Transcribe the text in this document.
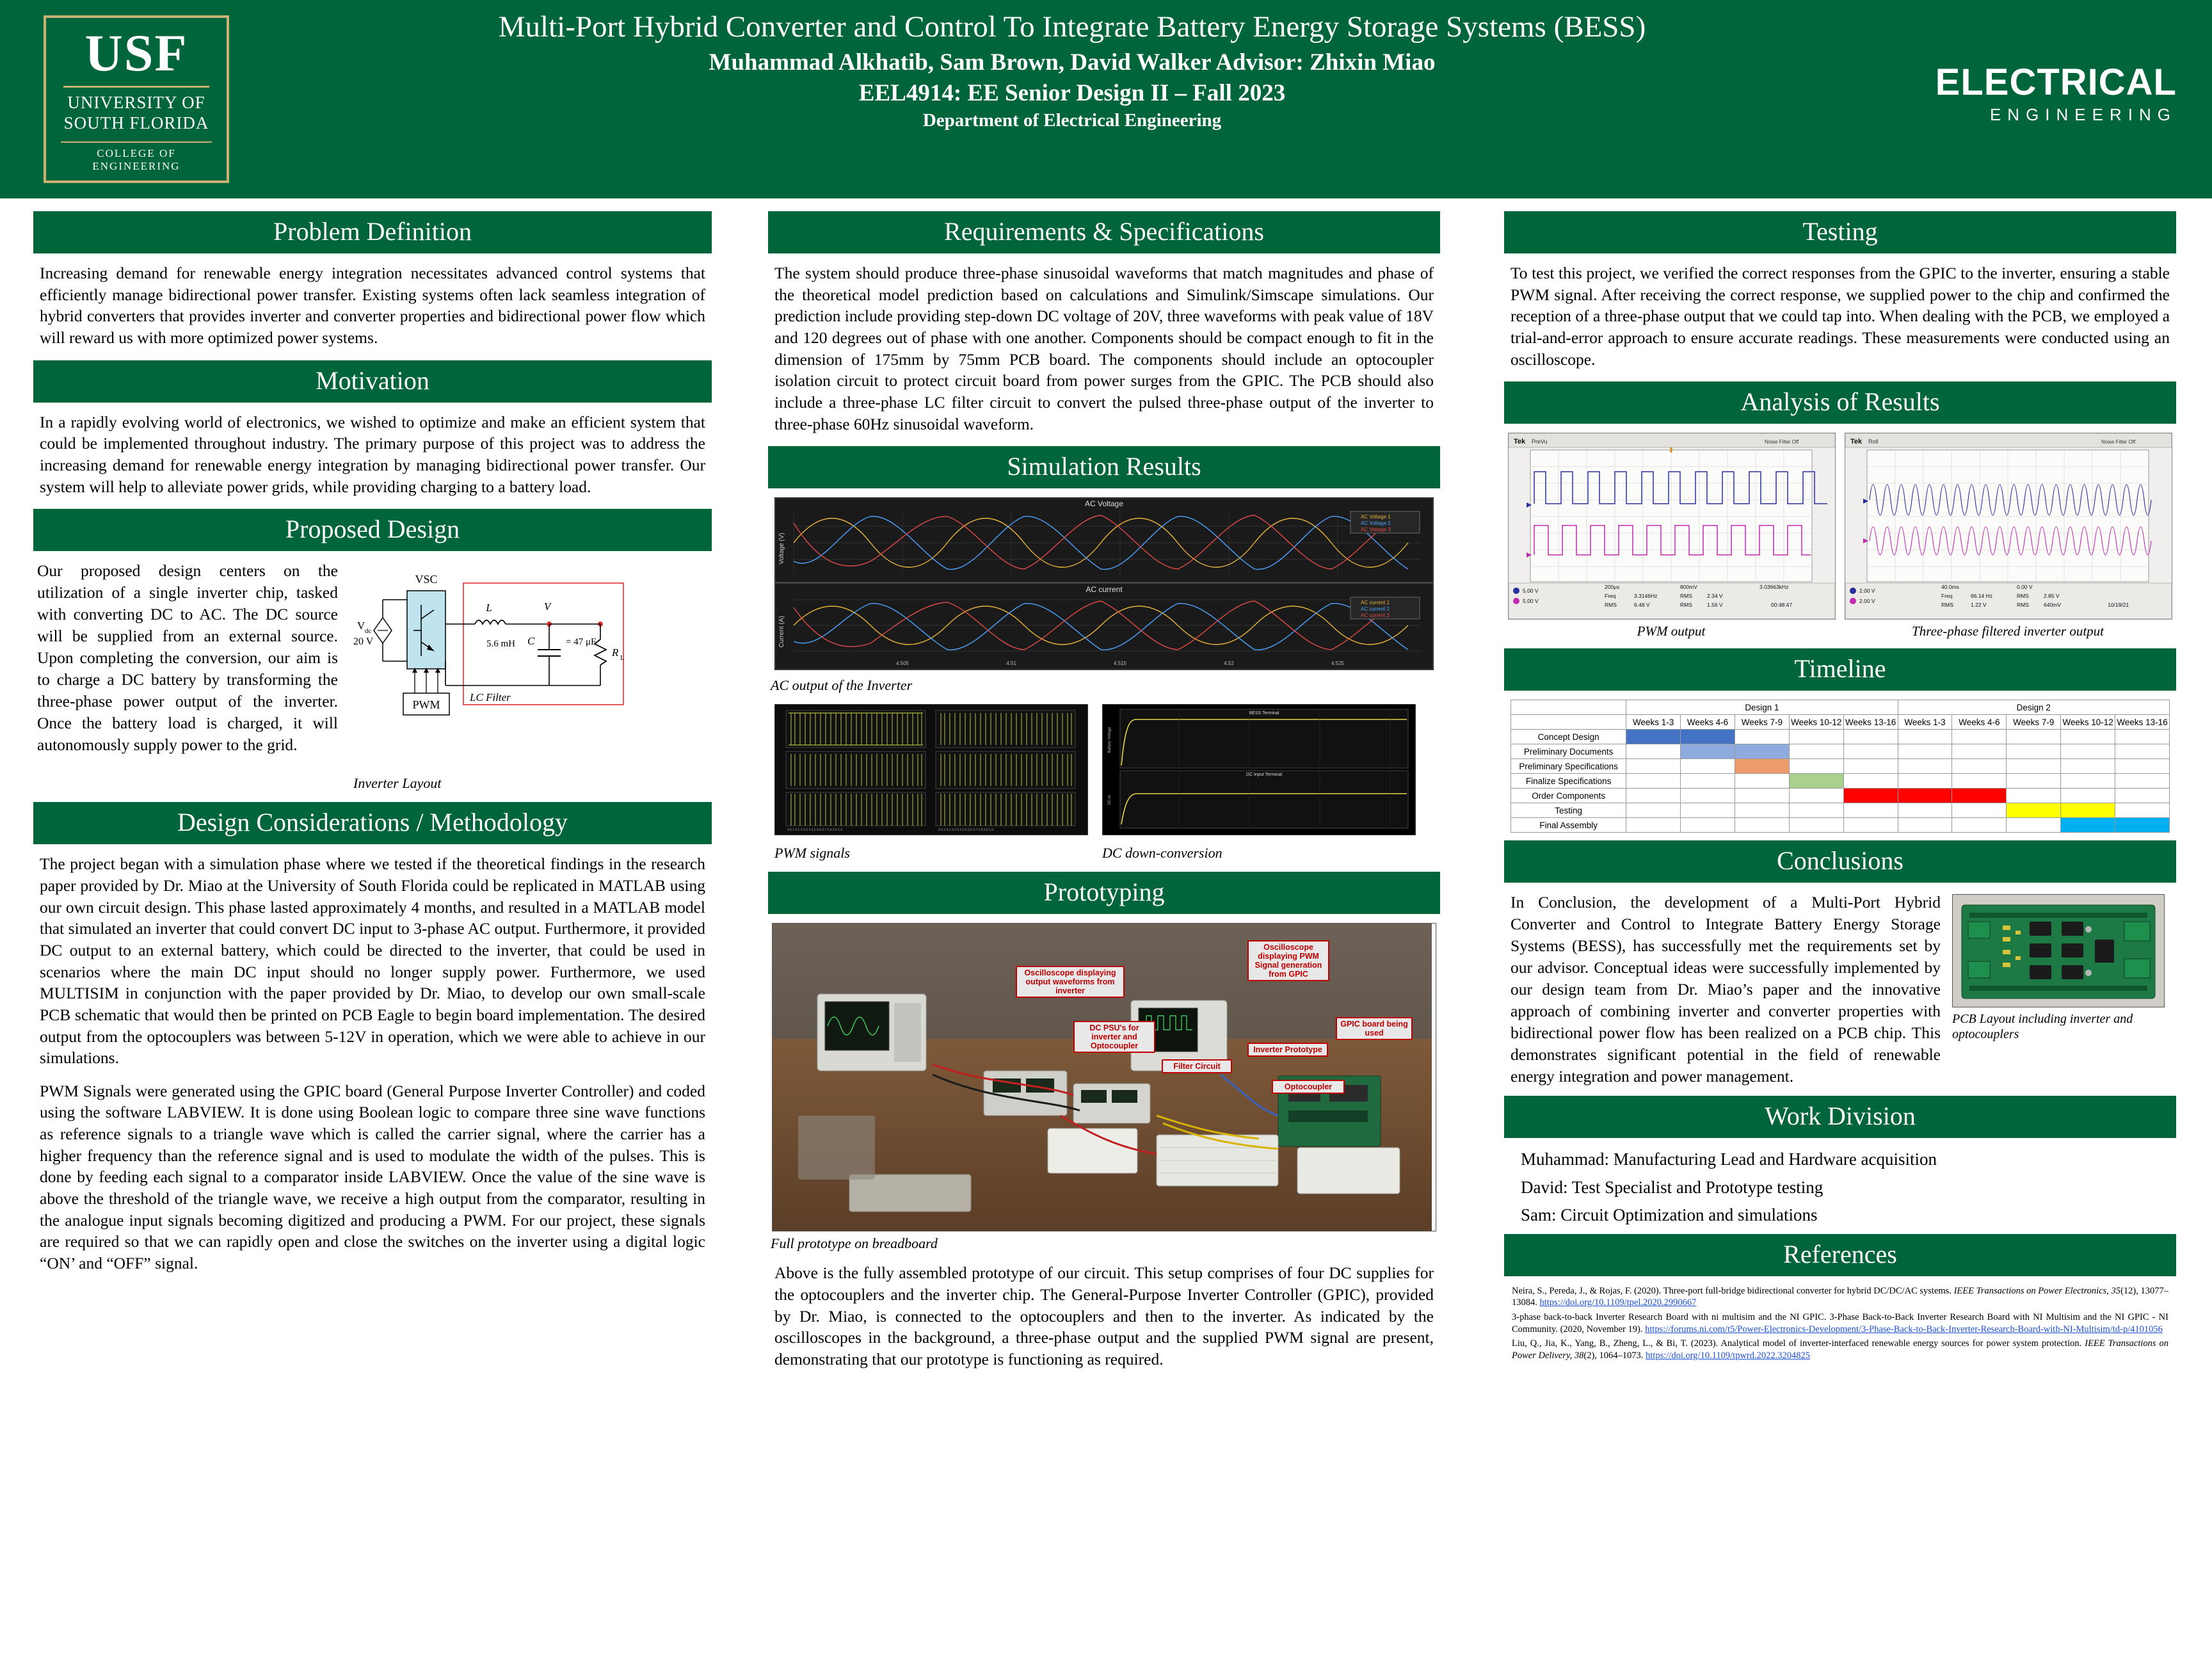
USF
UNIVERSITY OF
SOUTH FLORIDA
COLLEGE OF ENGINEERING
Multi-Port Hybrid Converter and Control To Integrate Battery Energy Storage Systems (BESS)
Muhammad Alkhatib, Sam Brown, David Walker Advisor: Zhixin Miao
EEL4914: EE Senior Design II – Fall 2023
Department of Electrical Engineering
ELECTRICAL
ENGINEERING
Problem Definition
Increasing demand for renewable energy integration necessitates advanced control systems that efficiently manage bidirectional power transfer. Existing systems often lack seamless integration of hybrid converters that provides inverter and converter properties and bidirectional power flow which will reward us with more optimized power systems.
Motivation
In a rapidly evolving world of electronics, we wished to optimize and make an efficient system that could be implemented throughout industry. The primary purpose of this project was to address the increasing demand for renewable energy integration by managing bidirectional power transfer. Our system will help to alleviate power grids, while providing charging to a battery load.
Proposed Design
Our proposed design centers on the utilization of a single inverter chip, tasked with converting DC to AC. The DC source will be supplied from an external source. Upon completing the conversion, our aim is to charge a DC battery by transforming the three-phase power output of the inverter. Once the battery load is charged, it will autonomously supply power to the grid.
VSC
V dc
20 V
PWM
L
5.6 mH
V
C	= 47 μF
R L
LC Filter
Inverter Layout
Design Considerations / Methodology
The project began with a simulation phase where we tested if the theoretical findings in the research paper provided by Dr. Miao at the University of South Florida could be replicated in MATLAB using our own circuit design. This phase lasted approximately 4 months, and resulted in a MATLAB model that simulated an inverter that could convert DC input to 3-phase AC output. Furthermore, it provided DC output to an external battery, which could be directed to the inverter, that could be used in scenarios where the main DC input should no longer supply power. Furthermore, we used MULTISIM in conjunction with the paper provided by Dr. Miao, to develop our own small-scale PCB schematic that would then be printed on PCB Eagle to begin board implementation. The desired output from the optocouplers was between 5-12V in operation, which we were able to achieve in our simulations.
PWM Signals were generated using the GPIC board (General Purpose Inverter Controller) and coded using the software LABVIEW. It is done using Boolean logic to compare three sine wave functions as reference signals to a triangle wave which is called the carrier signal, where the carrier has a higher frequency than the reference signal and is used to modulate the width of the pulses. This is done by feeding each signal to a comparator inside LABVIEW. Once the value of the sine wave is above the threshold of the triangle wave, we receive a high output from the comparator, resulting in the analogue input signals becoming digitized and producing a PWM. For our project, these signals are required so that we can rapidly open and close the switches on the inverter using a digital logic “ON’ and “OFF” signal.
Requirements & Specifications
The system should produce three-phase sinusoidal waveforms that match magnitudes and phase of the theoretical model prediction based on calculations and Simulink/Simscape simulations. Our prediction include providing step-down DC voltage of 20V, three waveforms with peak value of 18V and 120 degrees out of phase with one another. Components should be compact enough to fit in the dimension of 175mm by 75mm PCB board. The components should include an optocoupler isolation circuit to protect circuit board from power surges from the GPIC. The PCB should also include a three-phase LC filter circuit to convert the pulsed three-phase output of the inverter to three-phase 60Hz sinusoidal waveform.
Simulation Results
AC Voltage
AC current
Voltage (V)
Current (A)
AC Voltage 1
AC Voltage 2
AC Voltage 3
AC current 1
AC current 2
AC current 3
4.505	4.51	4.515	4.52	4.525
AC output of the Inverter
0 0.1 0.2 0.3 0.4 0.5 0.6 0.7 0.8 0.9 1.0	0 0.1 0.2 0.3 0.4 0.5 0.6 0.7 0.8 0.9 1.0
BESS Terminal
DC Input Terminal
Battery Voltage
DC-in
PWM signals	DC down-conversion
Prototyping
Oscilloscope displaying output waveforms from inverter
Oscilloscope displaying PWM Signal generation from GPIC
DC PSU's for inverter and Optocoupler
GPIC board being used
Inverter Prototype
Filter Circuit
Optocoupler
Full prototype on breadboard
Above is the fully assembled prototype of our circuit. This setup comprises of four DC supplies for the optocouplers and the inverter chip. The General-Purpose Inverter Controller (GPIC), provided by Dr. Miao, is connected to the optocouplers and then to the inverter. As indicated by the oscilloscopes in the background, a three-phase output and the supplied PWM signal are present, demonstrating that our prototype is functioning as required.
Testing
To test this project, we verified the correct responses from the GPIC to the inverter, ensuring a stable PWM signal. After receiving the correct response, we supplied power to the chip and confirmed the reception of a three-phase output that we could tap into. When dealing with the PCB, we employed a trial-and-error approach to ensure accurate readings. These measurements were conducted using an oscilloscope.
Analysis of Results
Tek PreVu	Noise Filter Off
5.00 V
5.00 V
200μs
Freq	3.3146Hz
RMS	6.48 V
800mV
RMS	2.34 V
RMS	1.56 V
3.03663kHz
00:48:47
PWM output
Tek Roll	Noise Filter Off
2.00 V
2.00 V
40.0ms
Freq	66.14 Hz
RMS	1.22 V
0.00 V
RMS	2.85 V
RMS	640mV	10/19/21
Three-phase filtered inverter output
Timeline
	Design 1					Design 2				
	Weeks 1-3	Weeks 4-6	Weeks 7-9	Weeks 10-12	Weeks 13-16	Weeks 1-3	Weeks 4-6	Weeks 7-9	Weeks 10-12	Weeks 13-16
Concept Design										
Preliminary Documents										
Preliminary Specifications										
Finalize Specifications										
Order Components										
Testing										
Final Assembly										
Conclusions
PCB Layout including inverter and optocouplers
In Conclusion, the development of a Multi-Port Hybrid Converter and Control to Integrate Battery Energy Storage Systems (BESS), has successfully met the requirements set by our advisor. Conceptual ideas were successfully implemented by our design team from Dr. Miao’s paper and the innovative approach of combining inverter and converter properties with bidirectional power flow has been realized on a PCB chip. This demonstrates significant potential in the field of renewable energy integration and power management.
Work Division
Muhammad: Manufacturing Lead and Hardware acquisition
David: Test Specialist and Prototype testing
Sam: Circuit Optimization and simulations
References
Neira, S., Pereda, J., & Rojas, F. (2020). Three-port full-bridge bidirectional converter for hybrid DC/DC/AC systems. IEEE Transactions on Power Electronics, 35(12), 13077–13084. https://doi.org/10.1109/tpel.2020.2990667
3-phase back-to-back Inverter Research Board with ni multisim and the NI GPIC. 3-Phase Back-to-Back Inverter Research Board with NI Multisim and the NI GPIC - NI Community. (2020, November 19). https://forums.ni.com/t5/Power-Electronics-Development/3-Phase-Back-to-Back-Inverter-Research-Board-with-NI-Multisim/td-p/4101056
Liu, Q., Jia, K., Yang, B., Zheng, L., & Bi, T. (2023). Analytical model of inverter-interfaced renewable energy sources for power system protection. IEEE Transactions on Power Delivery, 38(2), 1064–1073. https://doi.org/10.1109/tpwrd.2022.3204825
